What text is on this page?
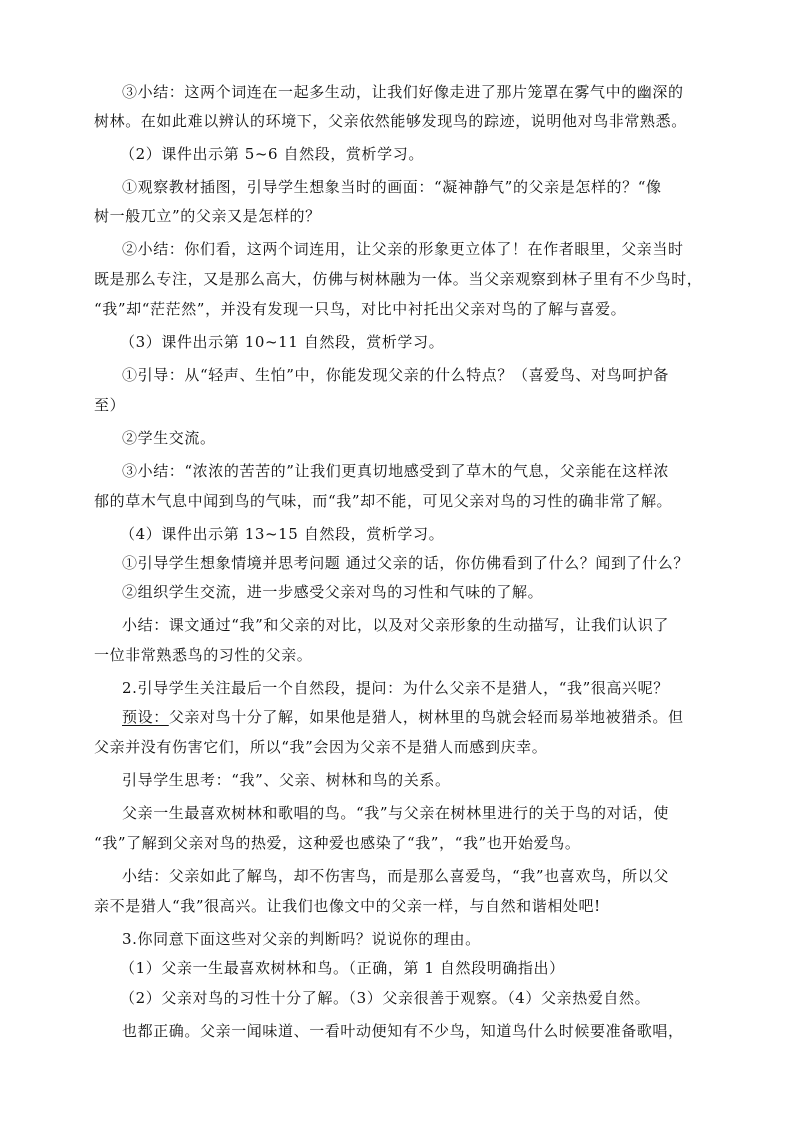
③小结：这两个词连在一起多生动，让我们好像走进了那片笼罩在雾气中的幽深的
树林。在如此难以辨认的环境下，父亲依然能够发现鸟的踪迹，说明他对鸟非常熟悉。
（2）课件出示第 5~6 自然段，赏析学习。
①观察教材插图，引导学生想象当时的画面：“凝神静气”的父亲是怎样的？“像
树一般兀立”的父亲又是怎样的？
②小结：你们看，这两个词连用，让父亲的形象更立体了！在作者眼里，父亲当时
既是那么专注，又是那么高大，仿佛与树林融为一体。当父亲观察到林子里有不少鸟时，
“我”却“茫茫然”，并没有发现一只鸟，对比中衬托出父亲对鸟的了解与喜爱。
（3）课件出示第 10~11 自然段，赏析学习。
①引导：从“轻声、生怕”中，你能发现父亲的什么特点？（喜爱鸟、对鸟呵护备
至）
②学生交流。
③小结：“浓浓的苦苦的”让我们更真切地感受到了草木的气息，父亲能在这样浓
郁的草木气息中闻到鸟的气味，而“我”却不能，可见父亲对鸟的习性的确非常了解。
（4）课件出示第 13~15 自然段，赏析学习。
①引导学生想象情境并思考问题 通过父亲的话，你仿佛看到了什么？闻到了什么？
②组织学生交流，进一步感受父亲对鸟的习性和气味的了解。
小结：课文通过“我”和父亲的对比，以及对父亲形象的生动描写，让我们认识了
一位非常熟悉鸟的习性的父亲。
2.引导学生关注最后一个自然段，提问：为什么父亲不是猎人，“我”很高兴呢？
预设：父亲对鸟十分了解，如果他是猎人，树林里的鸟就会轻而易举地被猎杀。但
父亲并没有伤害它们，所以“我”会因为父亲不是猎人而感到庆幸。
引导学生思考：“我”、父亲、树林和鸟的关系。
父亲一生最喜欢树林和歌唱的鸟。“我”与父亲在树林里进行的关于鸟的对话，使
“我”了解到父亲对鸟的热爱，这种爱也感染了“我”，“我”也开始爱鸟。
小结：父亲如此了解鸟，却不伤害鸟，而是那么喜爱鸟，“我”也喜欢鸟，所以父
亲不是猎人“我”很高兴。让我们也像文中的父亲一样，与自然和谐相处吧!
3.你同意下面这些对父亲的判断吗？说说你的理由。
（1）父亲一生最喜欢树林和鸟。（正确，第 1 自然段明确指出）
（2）父亲对鸟的习性十分了解。（3）父亲很善于观察。（4）父亲热爱自然。
也都正确。父亲一闻味道、一看叶动便知有不少鸟，知道鸟什么时候要准备歌唱，
